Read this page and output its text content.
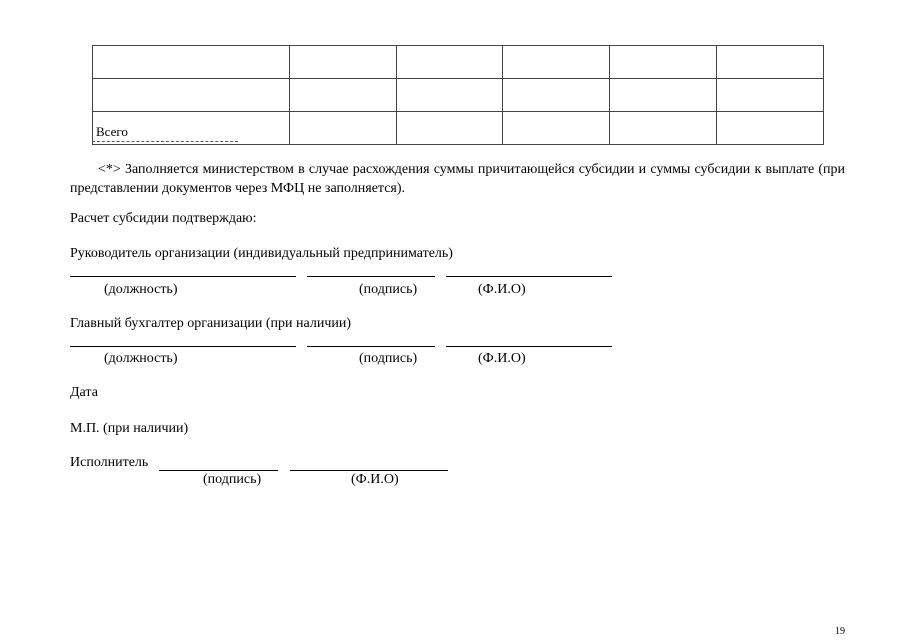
Всего					
<*> Заполняется министерством в случае расхождения суммы причитающейся субсидии и суммы субсидии к выплате (при представлении документов через МФЦ не заполняется).
Расчет субсидии подтверждаю:
Руководитель организации (индивидуальный предприниматель)
(должность)	(подпись)	(Ф.И.О)
Главный бухгалтер организации (при наличии)
(должность)	(подпись)	(Ф.И.О)
Дата
М.П. (при наличии)
Исполнитель
(подпись)	(Ф.И.О)
19
